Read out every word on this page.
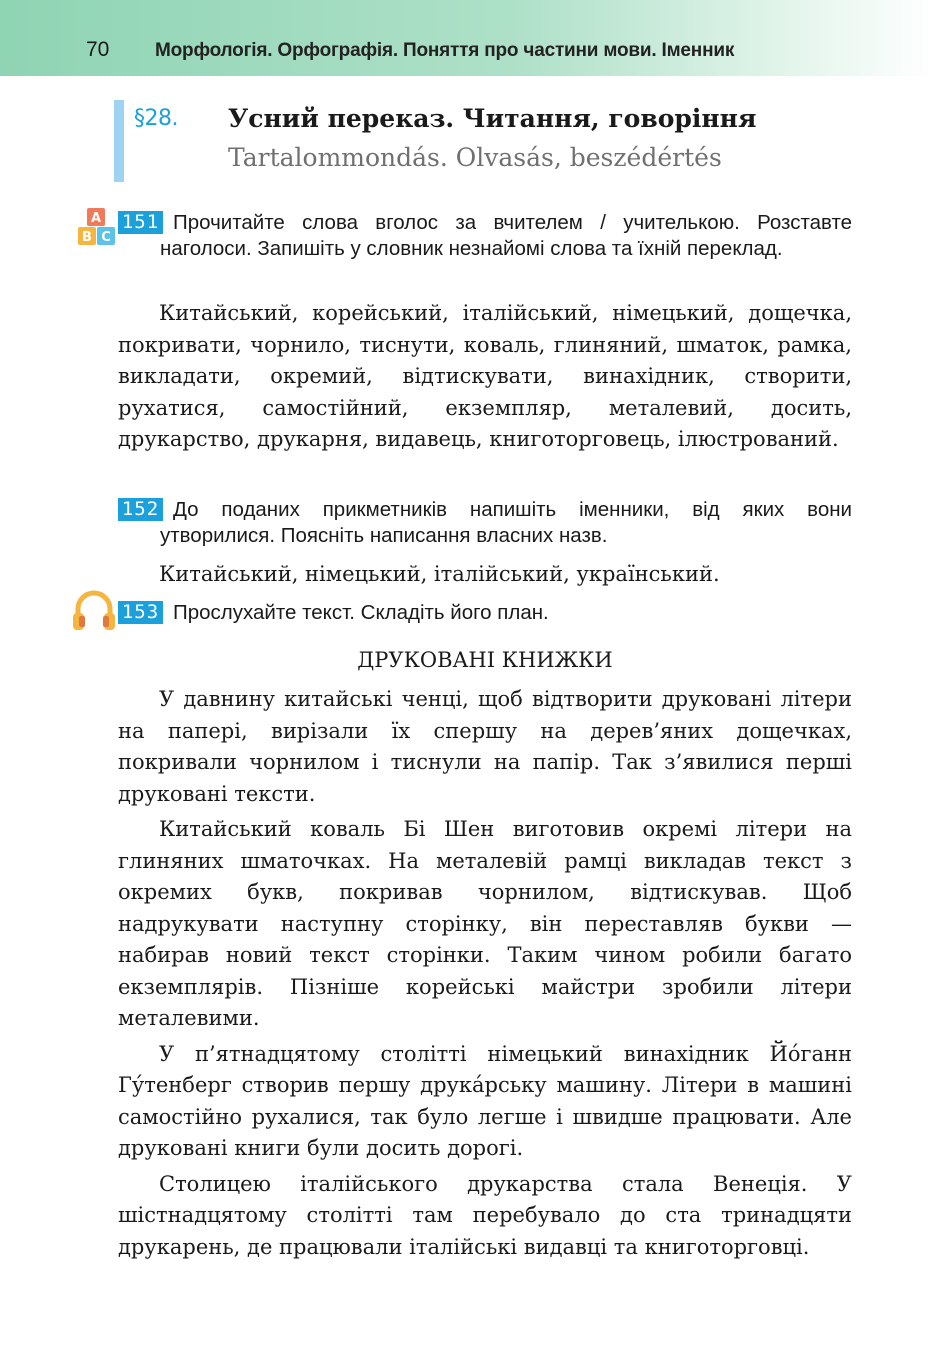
70 Морфологія. Орфографія. Поняття про частини мови. Іменник
§28. Усний переказ. Читання, говоріння
Tartalommondás. Olvasás, beszédértés
A
B C
151 Прочитайте слова вголос за вчителем / учителькою. Розставте наголоси. Запишіть у словник незнайомі слова та їхній переклад.

Китайський, корейський, італійський, німецький, дощечка, покривати, чорнило, тиснути, коваль, глиняний, шматок, рамка, викладати, окремий, відтискувати, винахідник, створити, рухатися, самостійний, екземпляр, металевий, досить, друкарство, друкарня, видавець, книготорговець, ілюстрований.

152 До поданих прикметників напишіть іменники, від яких вони утворилися. Поясніть написання власних назв.

Китайський, німецький, італійський, український.

153 Прослухайте текст. Складіть його план.
ДРУКОВАНІ КНИЖКИ

У давнину китайські ченці, щоб відтворити друковані літери на папері, вирізали їх спершу на дерев’яних дощечках, покривали чорнилом і тиснули на папір. Так з’явилися перші друковані тексти.

Китайський коваль Бі Шен виготовив окремі літери на глиняних шматочках. На металевій рамці викладав текст з окремих букв, покривав чорнилом, відтискував. Щоб надрукувати наступну сторінку, він переставляв букви — набирав новий текст сторінки. Таким чином робили багато екземплярів. Пізніше корейські майстри зробили літери металевими.

У п’ятнадцятому столітті німецький винахідник Йо́ганн Гу́тенберг створив першу друка́рську машину. Літери в машині самостійно рухалися, так було легше і швидше працювати. Але друковані книги були досить дорогі.

Столицею італійського друкарства стала Венеція. У шістнадцятому столітті там перебувало до ста тринадцяти друкарень, де працювали італійські видавці та книготорговці.
